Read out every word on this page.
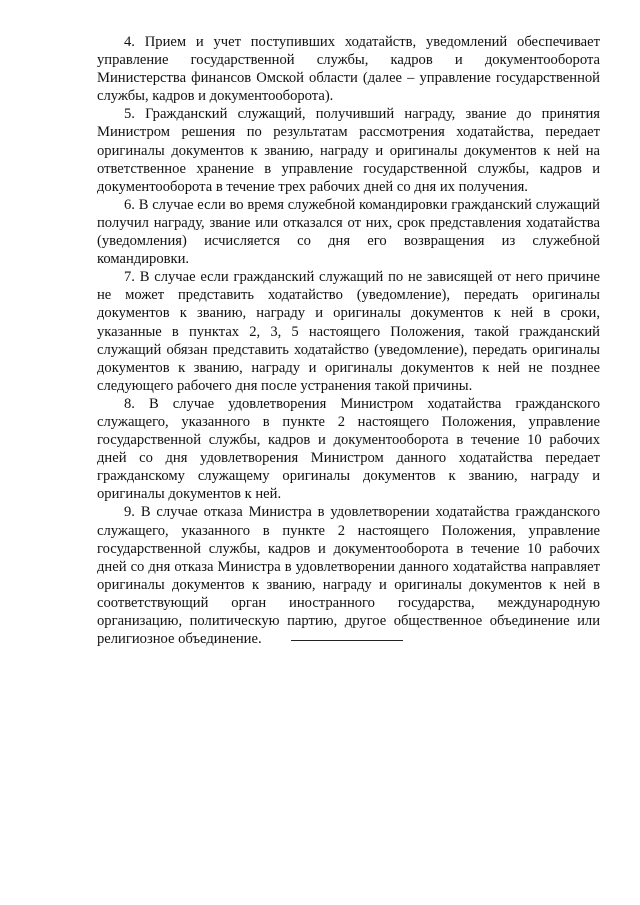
4. Прием и учет поступивших ходатайств, уведомлений обеспечивает управление государственной службы, кадров и документооборота Министерства финансов Омской области (далее – управление государственной службы, кадров и документооборота).

5. Гражданский служащий, получивший награду, звание до принятия Министром решения по результатам рассмотрения ходатайства, передает оригиналы документов к званию, награду и оригиналы документов к ней на ответственное хранение в управление государственной службы, кадров и документооборота в течение трех рабочих дней со дня их получения.

6. В случае если во время служебной командировки гражданский служащий получил награду, звание или отказался от них, срок представления ходатайства (уведомления) исчисляется со дня его возвращения из служебной командировки.

7. В случае если гражданский служащий по не зависящей от него причине не может представить ходатайство (уведомление), передать оригиналы документов к званию, награду и оригиналы документов к ней в сроки, указанные в пунктах 2, 3, 5 настоящего Положения, такой гражданский служащий обязан представить ходатайство (уведомление), передать оригиналы документов к званию, награду и оригиналы документов к ней не позднее следующего рабочего дня после устранения такой причины.

8. В случае удовлетворения Министром ходатайства гражданского служащего, указанного в пункте 2 настоящего Положения, управление государственной службы, кадров и документооборота в течение 10 рабочих дней со дня удовлетворения Министром данного ходатайства передает гражданскому служащему оригиналы документов к званию, награду и оригиналы документов к ней.

9. В случае отказа Министра в удовлетворении ходатайства гражданского служащего, указанного в пункте 2 настоящего Положения, управление государственной службы, кадров и документооборота в течение 10 рабочих дней со дня отказа Министра в удовлетворении данного ходатайства направляет оригиналы документов к званию, награду и оригиналы документов к ней в соответствующий орган иностранного государства, международную организацию, политическую партию, другое общественное объединение или религиозное объединение.
